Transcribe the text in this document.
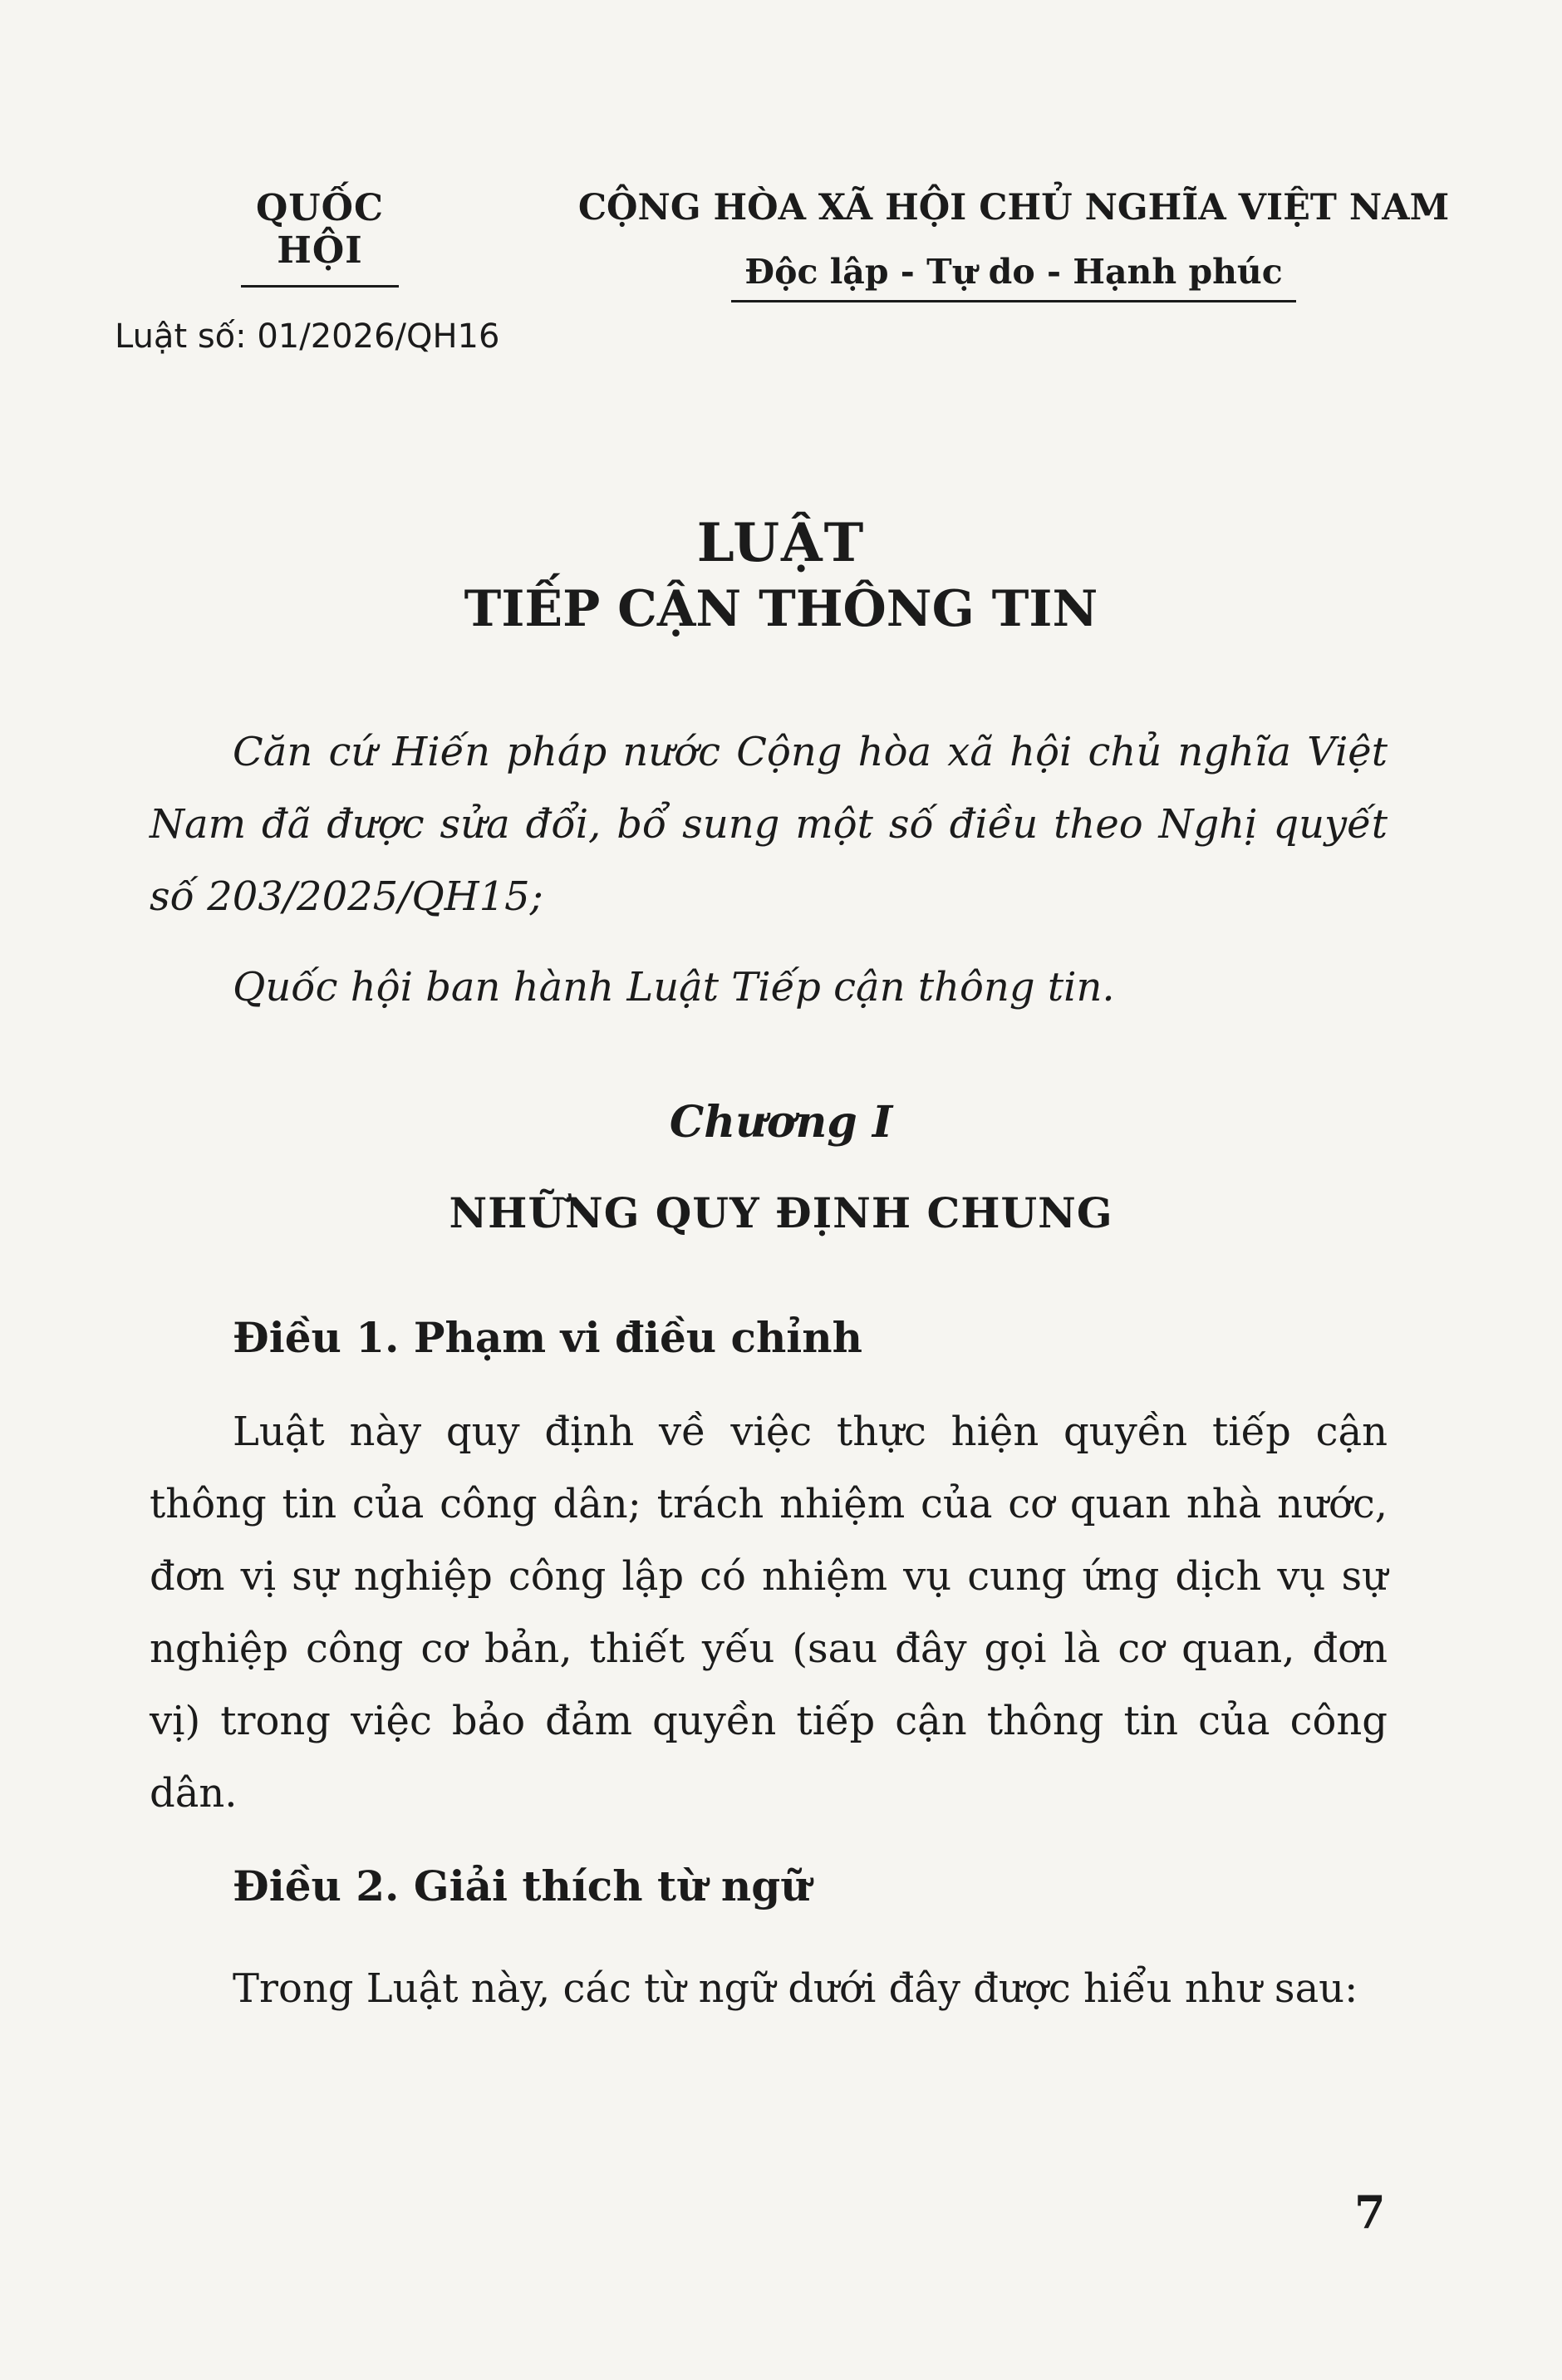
QUỐC HỘI
Luật số: 01/2026/QH16
CỘNG HÒA XÃ HỘI CHỦ NGHĨA VIỆT NAM
Độc lập - Tự do - Hạnh phúc
LUẬT
TIẾP CẬN THÔNG TIN

Căn cứ Hiến pháp nước Cộng hòa xã hội chủ nghĩa Việt Nam đã được sửa đổi, bổ sung một số điều theo Nghị quyết số 203/2025/QH15;

Quốc hội ban hành Luật Tiếp cận thông tin.

Chương I
NHỮNG QUY ĐỊNH CHUNG
Điều 1. Phạm vi điều chỉnh

Luật này quy định về việc thực hiện quyền tiếp cận thông tin của công dân; trách nhiệm của cơ quan nhà nước, đơn vị sự nghiệp công lập có nhiệm vụ cung ứng dịch vụ sự nghiệp công cơ bản, thiết yếu (sau đây gọi là cơ quan, đơn vị) trong việc bảo đảm quyền tiếp cận thông tin của công dân.

Điều 2. Giải thích từ ngữ

Trong Luật này, các từ ngữ dưới đây được hiểu như sau:

7
